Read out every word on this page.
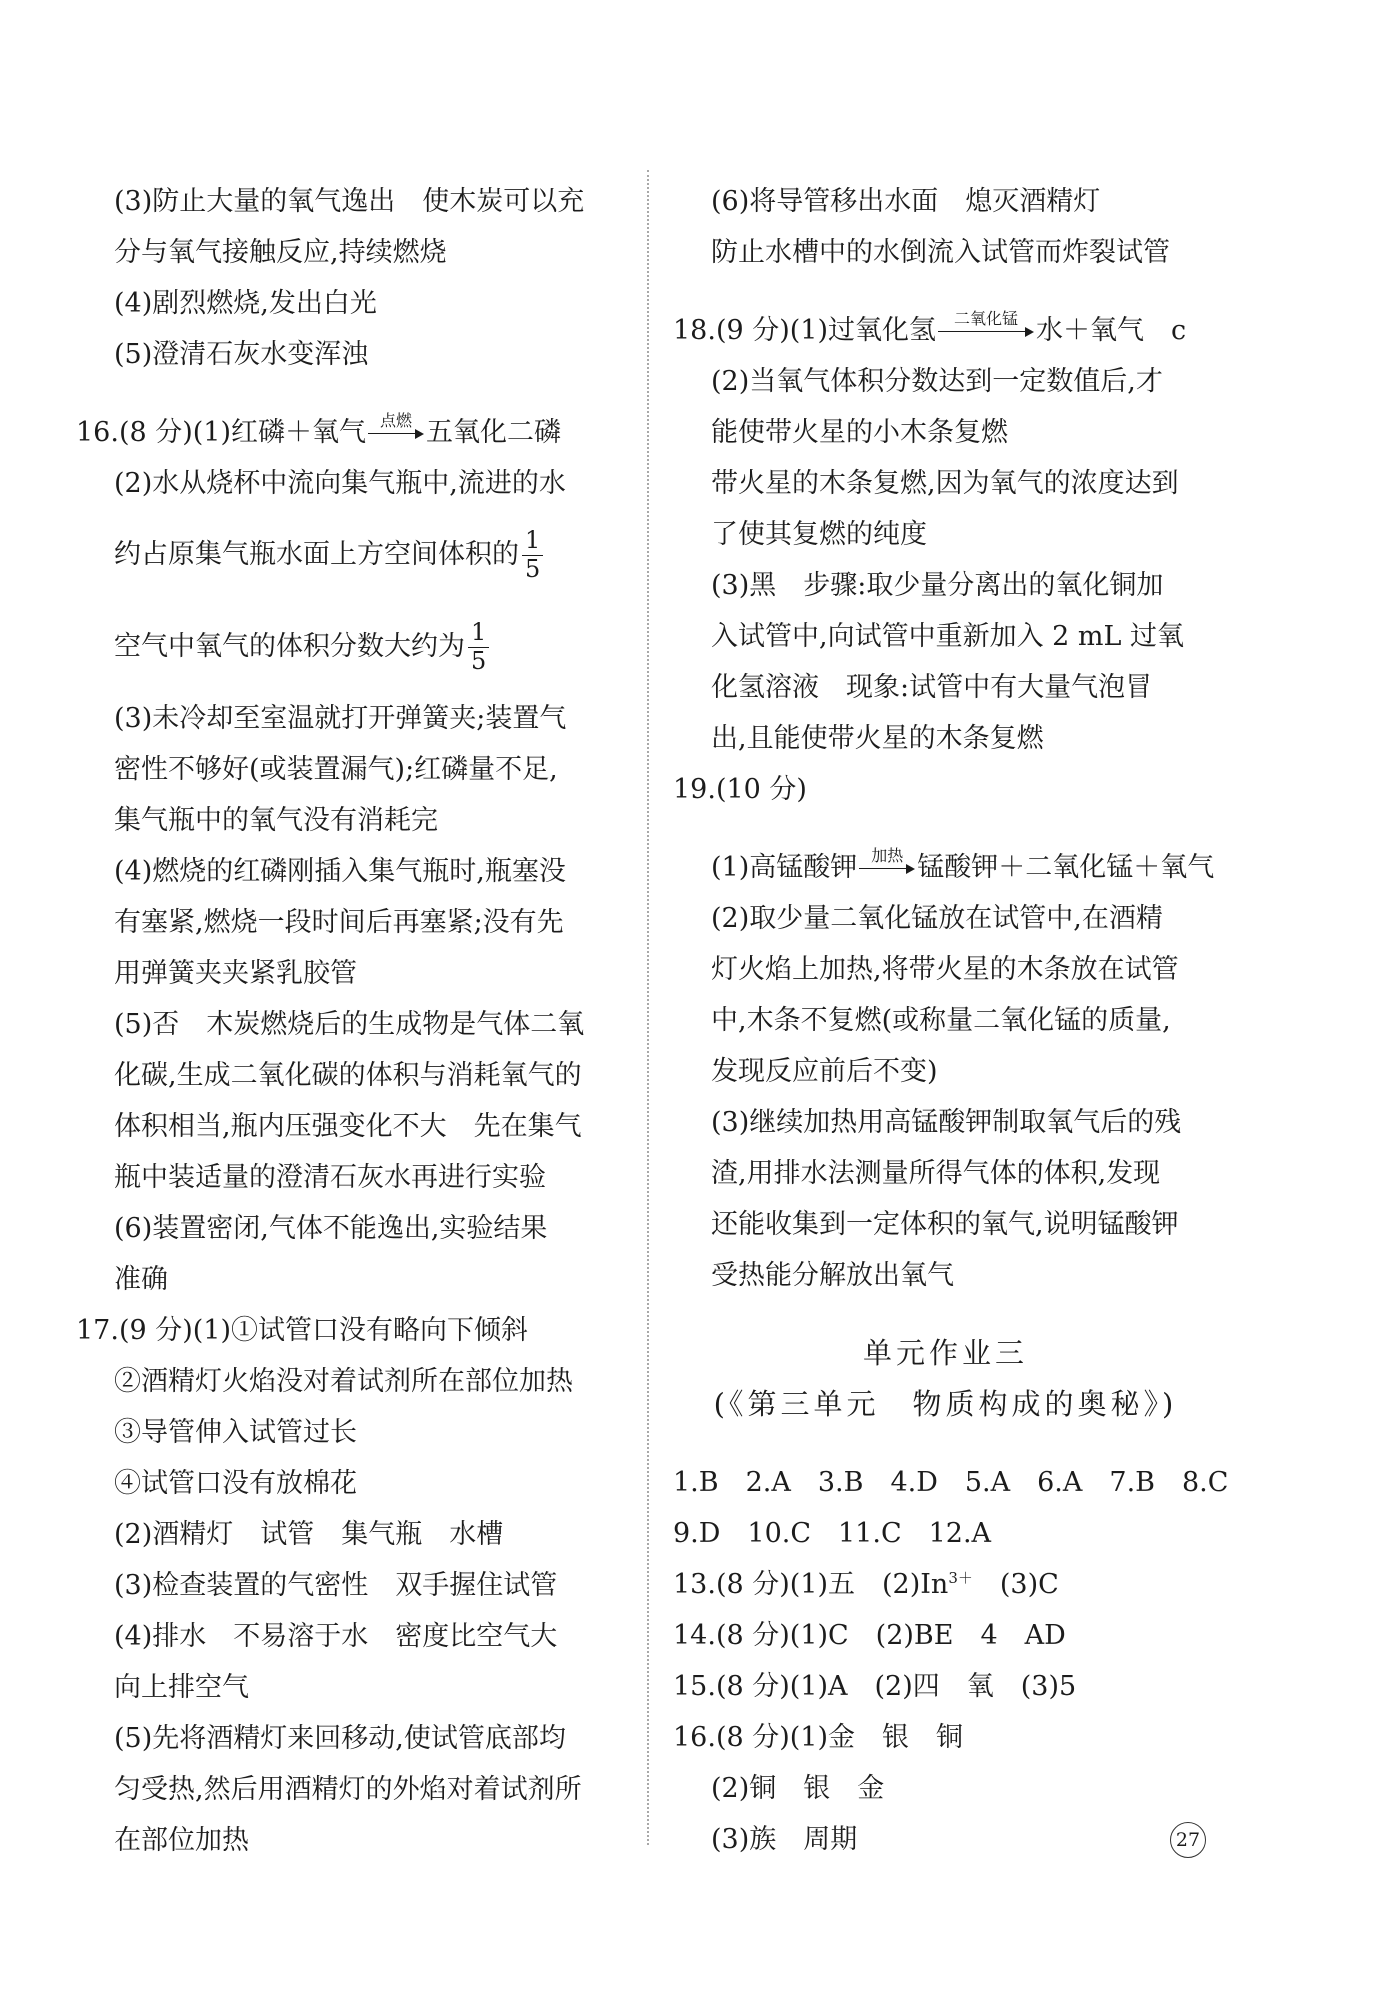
(3)防止大量的氧气逸出　使木炭可以充
分与氧气接触反应,持续燃烧
(4)剧烈燃烧,发出白光
(5)澄清石灰水变浑浊
16.(8 分)(1)红磷＋氧气 点燃 五氧化二磷
(2)水从烧杯中流向集气瓶中,流进的水
约占原集气瓶水面上方空间体积的 $\frac{1}{5}$
空气中氧气的体积分数大约为 $\frac{1}{5}$
(3)未冷却至室温就打开弹簧夹;装置气
密性不够好(或装置漏气);红磷量不足,
集气瓶中的氧气没有消耗完
(4)燃烧的红磷刚插入集气瓶时,瓶塞没
有塞紧,燃烧一段时间后再塞紧;没有先
用弹簧夹夹紧乳胶管
(5)否　木炭燃烧后的生成物是气体二氧
化碳,生成二氧化碳的体积与消耗氧气的
体积相当,瓶内压强变化不大　先在集气
瓶中装适量的澄清石灰水再进行实验
(6)装置密闭,气体不能逸出,实验结果
准确
17.(9 分)(1)①试管口没有略向下倾斜
②酒精灯火焰没对着试剂所在部位加热
③导管伸入试管过长
④试管口没有放棉花
(2)酒精灯　试管　集气瓶　水槽
(3)检查装置的气密性　双手握住试管
(4)排水　不易溶于水　密度比空气大
向上排空气
(5)先将酒精灯来回移动,使试管底部均
匀受热,然后用酒精灯的外焰对着试剂所
在部位加热
(6)将导管移出水面　熄灭酒精灯
防止水槽中的水倒流入试管而炸裂试管
18.(9 分)(1)过氧化氢	二氧化锰 水＋氧气　c
(2)当氧气体积分数达到一定数值后,才
能使带火星的小木条复燃
带火星的木条复燃,因为氧气的浓度达到
了使其复燃的纯度
(3)黑　步骤:取少量分离出的氧化铜加
入试管中,向试管中重新加入 2 mL 过氧
化氢溶液　现象:试管中有大量气泡冒
出,且能使带火星的木条复燃
19.(10 分)
(1)高锰酸钾 加热 锰酸钾＋二氧化锰＋氧气
(2)取少量二氧化锰放在试管中,在酒精
灯火焰上加热,将带火星的木条放在试管
中,木条不复燃(或称量二氧化锰的质量,
发现反应前后不变)
(3)继续加热用高锰酸钾制取氧气后的残
渣,用排水法测量所得气体的体积,发现
还能收集到一定体积的氧气,说明锰酸钾
受热能分解放出氧气
单元作业三
(《第三单元　物质构成的奥秘》)
1.B　2.A　3.B　4.D　5.A　6.A　7.B　8.C
9.D　10.C　11.C　12.A
13.(8 分)(1)五　$(2)In^{3+}$　(3)C
14.(8 分)(1)C　(2)BE　4　AD
15.(8 分)(1)A　(2)四　氧　(3)5
16.(8 分)(1)金　银　铜
(2)铜　银　金
(3)族　周期	27
